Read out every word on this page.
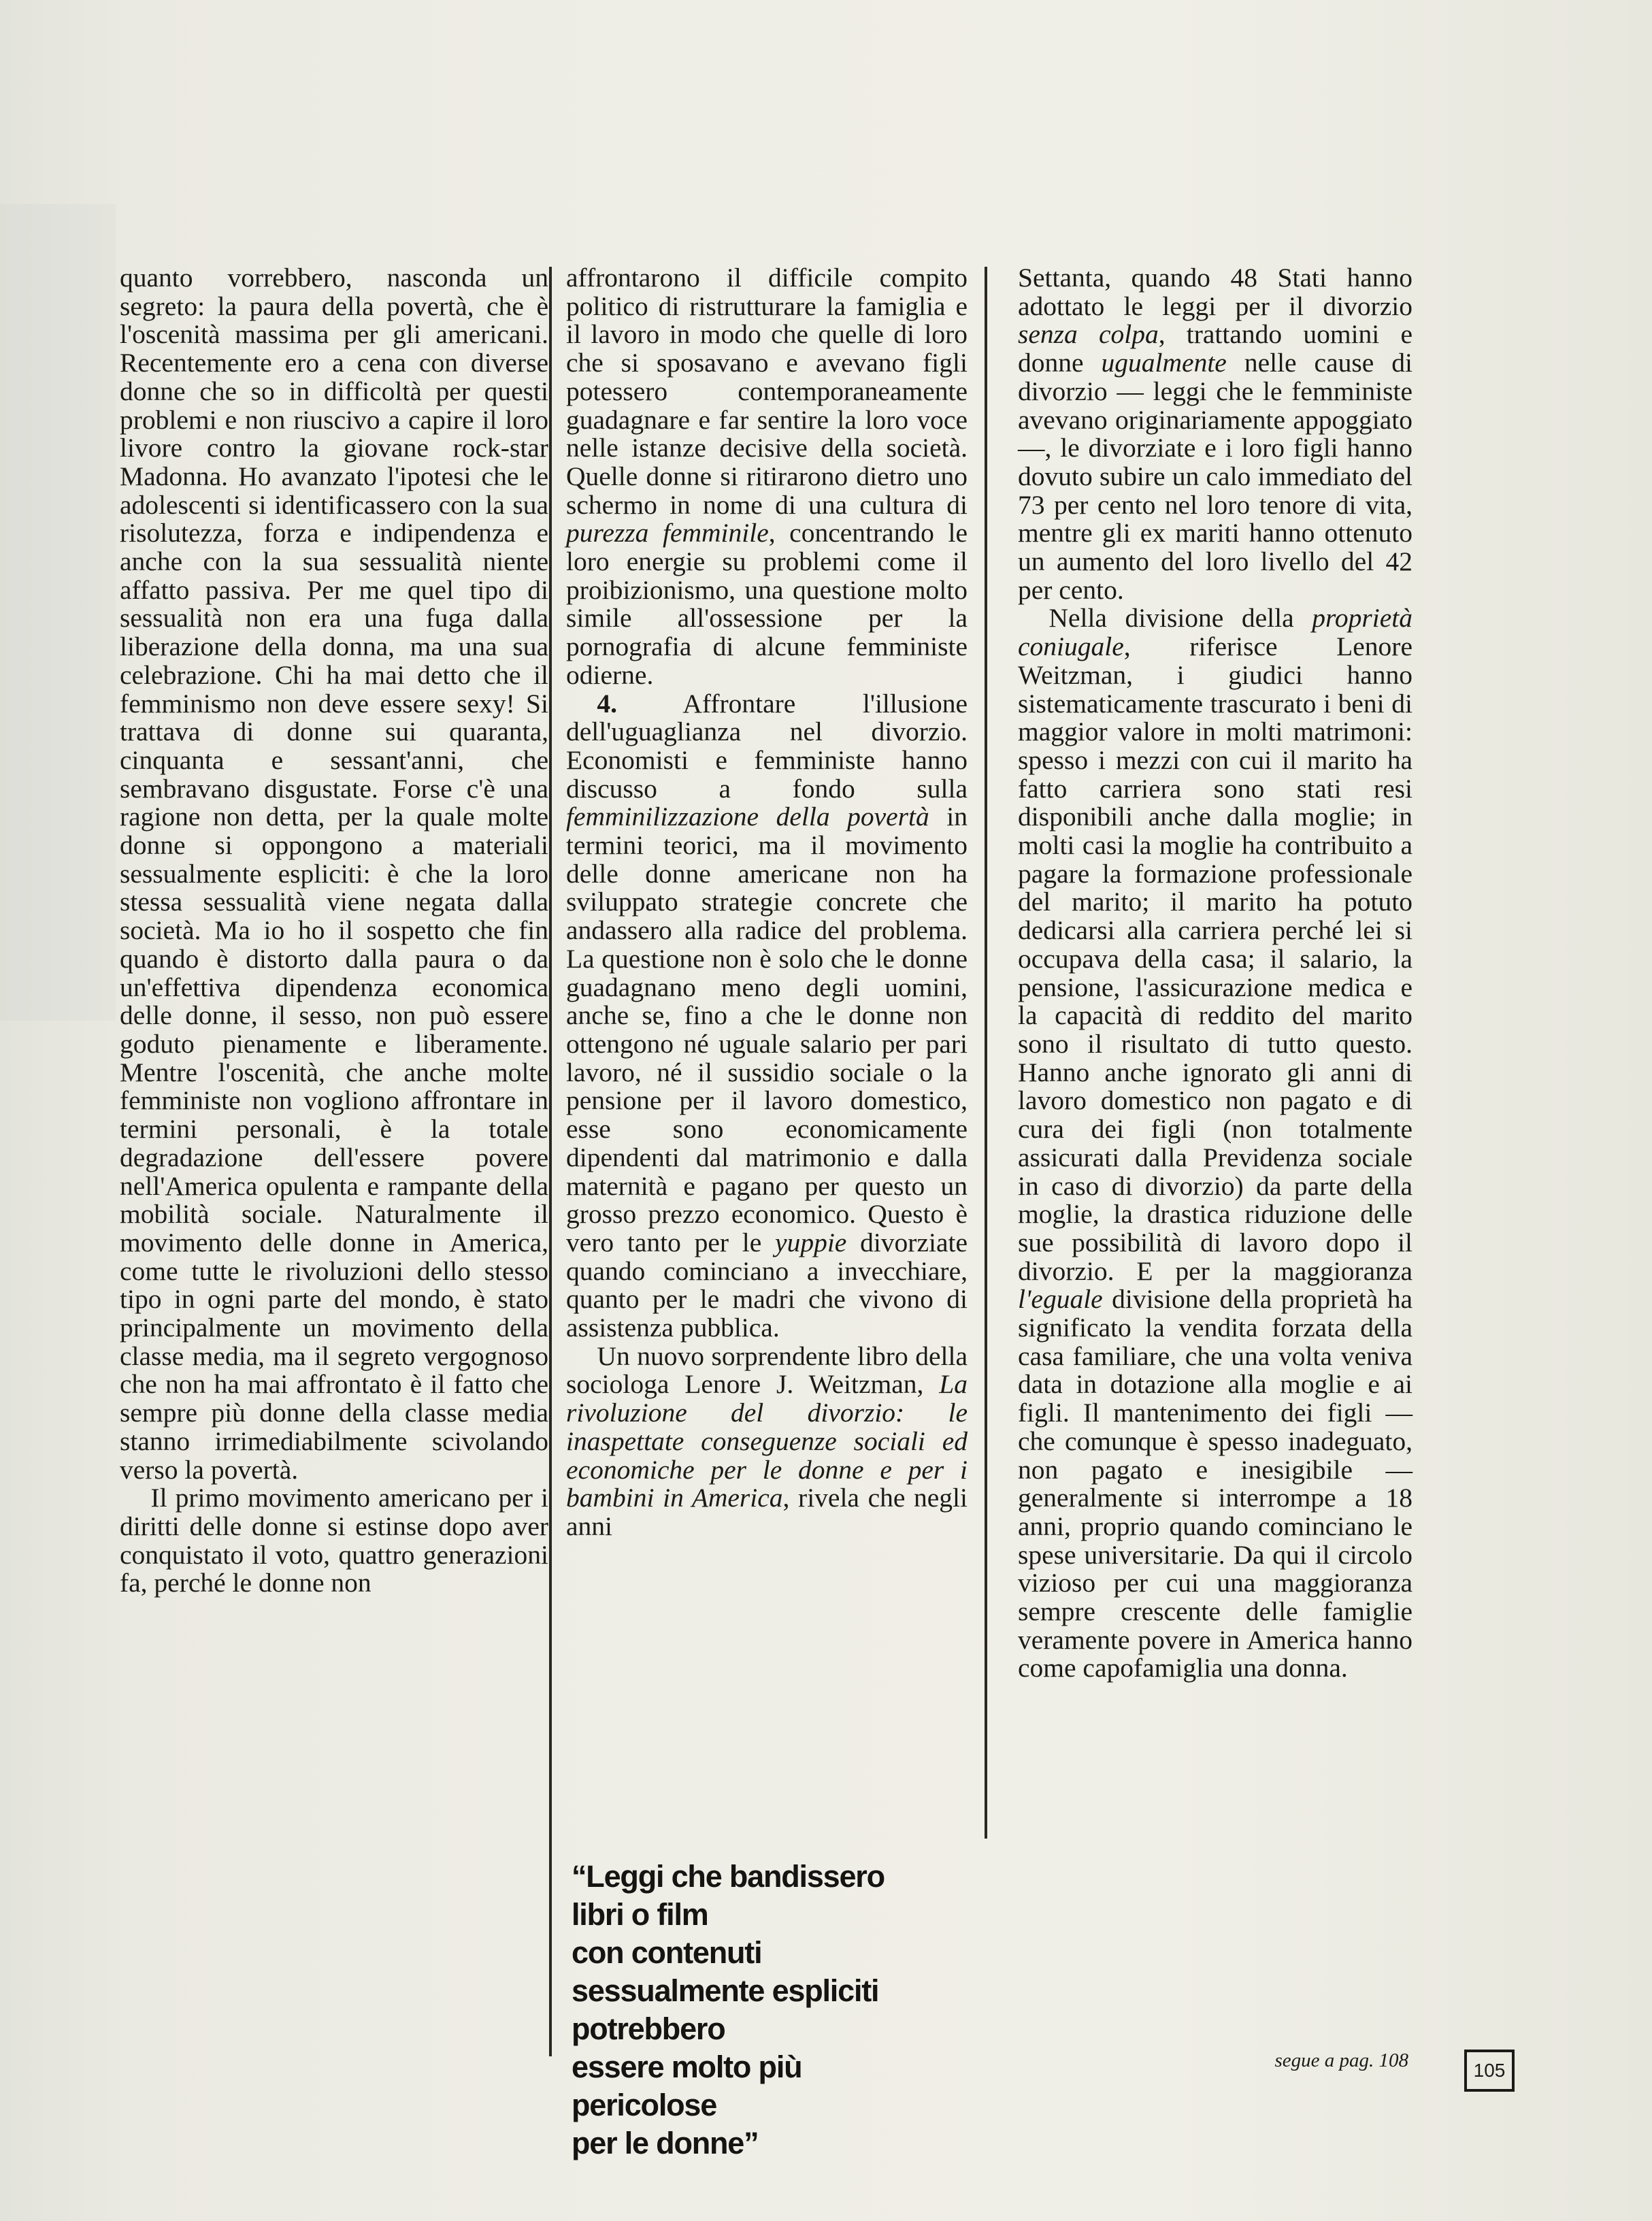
quanto vorrebbero, nasconda un segreto: la paura della povertà, che è l'oscenità massima per gli americani. Recentemente ero a cena con diverse donne che so in difficoltà per questi problemi e non riuscivo a capire il loro livore contro la giovane rock-star Madonna. Ho avanzato l'ipotesi che le adolescenti si identificassero con la sua risolutezza, forza e indipendenza e anche con la sua sessualità niente affatto passiva. Per me quel tipo di sessualità non era una fuga dalla liberazione della donna, ma una sua celebrazione. Chi ha mai detto che il femminismo non deve essere sexy! Si trattava di donne sui quaranta, cinquanta e sessant'anni, che sembravano disgustate. Forse c'è una ragione non detta, per la quale molte donne si oppongono a materiali sessualmente espliciti: è che la loro stessa sessualità viene negata dalla società. Ma io ho il sospetto che fin quando è distorto dalla paura o da un'effettiva dipendenza economica delle donne, il sesso, non può essere goduto pienamente e liberamente. Mentre l'oscenità, che anche molte femministe non vogliono affrontare in termini personali, è la totale degradazione dell'essere povere nell'America opulenta e rampante della mobilità sociale. Naturalmente il movimento delle donne in America, come tutte le rivoluzioni dello stesso tipo in ogni parte del mondo, è stato principalmente un movimento della classe media, ma il segreto vergognoso che non ha mai affrontato è il fatto che sempre più donne della classe media stanno irrimediabilmente scivolando verso la povertà.

Il primo movimento americano per i diritti delle donne si estinse dopo aver conquistato il voto, quattro generazioni fa, perché le donne non

affrontarono il difficile compito politico di ristrutturare la famiglia e il lavoro in modo che quelle di loro che si sposavano e avevano figli potessero contemporaneamente guadagnare e far sentire la loro voce nelle istanze decisive della società. Quelle donne si ritirarono dietro uno schermo in nome di una cultura di purezza femminile, concentrando le loro energie su problemi come il proibizionismo, una questione molto simile all'ossessione per la pornografia di alcune femministe odierne.

4. Affrontare l'illusione dell'uguaglianza nel divorzio. Economisti e femministe hanno discusso a fondo sulla femminilizzazione della povertà in termini teorici, ma il movimento delle donne americane non ha sviluppato strategie concrete che andassero alla radice del problema. La questione non è solo che le donne guadagnano meno degli uomini, anche se, fino a che le donne non ottengono né uguale salario per pari lavoro, né il sussidio sociale o la pensione per il lavoro domestico, esse sono economicamente dipendenti dal matrimonio e dalla maternità e pagano per questo un grosso prezzo economico. Questo è vero tanto per le yuppie divorziate quando cominciano a invecchiare, quanto per le madri che vivono di assistenza pubblica.

Un nuovo sorprendente libro della sociologa Lenore J. Weitzman, La rivoluzione del divorzio: le inaspettate conseguenze sociali ed economiche per le donne e per i bambini in America, rivela che negli anni

Settanta, quando 48 Stati hanno adottato le leggi per il divorzio senza colpa, trattando uomini e donne ugualmente nelle cause di divorzio — leggi che le femministe avevano originariamente appoggiato —, le divorziate e i loro figli hanno dovuto subire un calo immediato del 73 per cento nel loro tenore di vita, mentre gli ex mariti hanno ottenuto un aumento del loro livello del 42 per cento.

Nella divisione della proprietà coniugale, riferisce Lenore Weitzman, i giudici hanno sistematicamente trascurato i beni di maggior valore in molti matrimoni: spesso i mezzi con cui il marito ha fatto carriera sono stati resi disponibili anche dalla moglie; in molti casi la moglie ha contribuito a pagare la formazione professionale del marito; il marito ha potuto dedicarsi alla carriera perché lei si occupava della casa; il salario, la pensione, l'assicurazione medica e la capacità di reddito del marito sono il risultato di tutto questo. Hanno anche ignorato gli anni di lavoro domestico non pagato e di cura dei figli (non totalmente assicurati dalla Previdenza sociale in caso di divorzio) da parte della moglie, la drastica riduzione delle sue possibilità di lavoro dopo il divorzio. E per la maggioranza l'eguale divisione della proprietà ha significato la vendita forzata della casa familiare, che una volta veniva data in dotazione alla moglie e ai figli. Il mantenimento dei figli — che comunque è spesso inadeguato, non pagato e inesigibile — generalmente si interrompe a 18 anni, proprio quando cominciano le spese universitarie. Da qui il circolo vizioso per cui una maggioranza sempre crescente delle famiglie veramente povere in America hanno come capofamiglia una donna.

“Leggi che bandissero
libri o film
con contenuti
sessualmente espliciti
potrebbero
essere molto più
pericolose
per le donne”
segue a pag. 108	105
